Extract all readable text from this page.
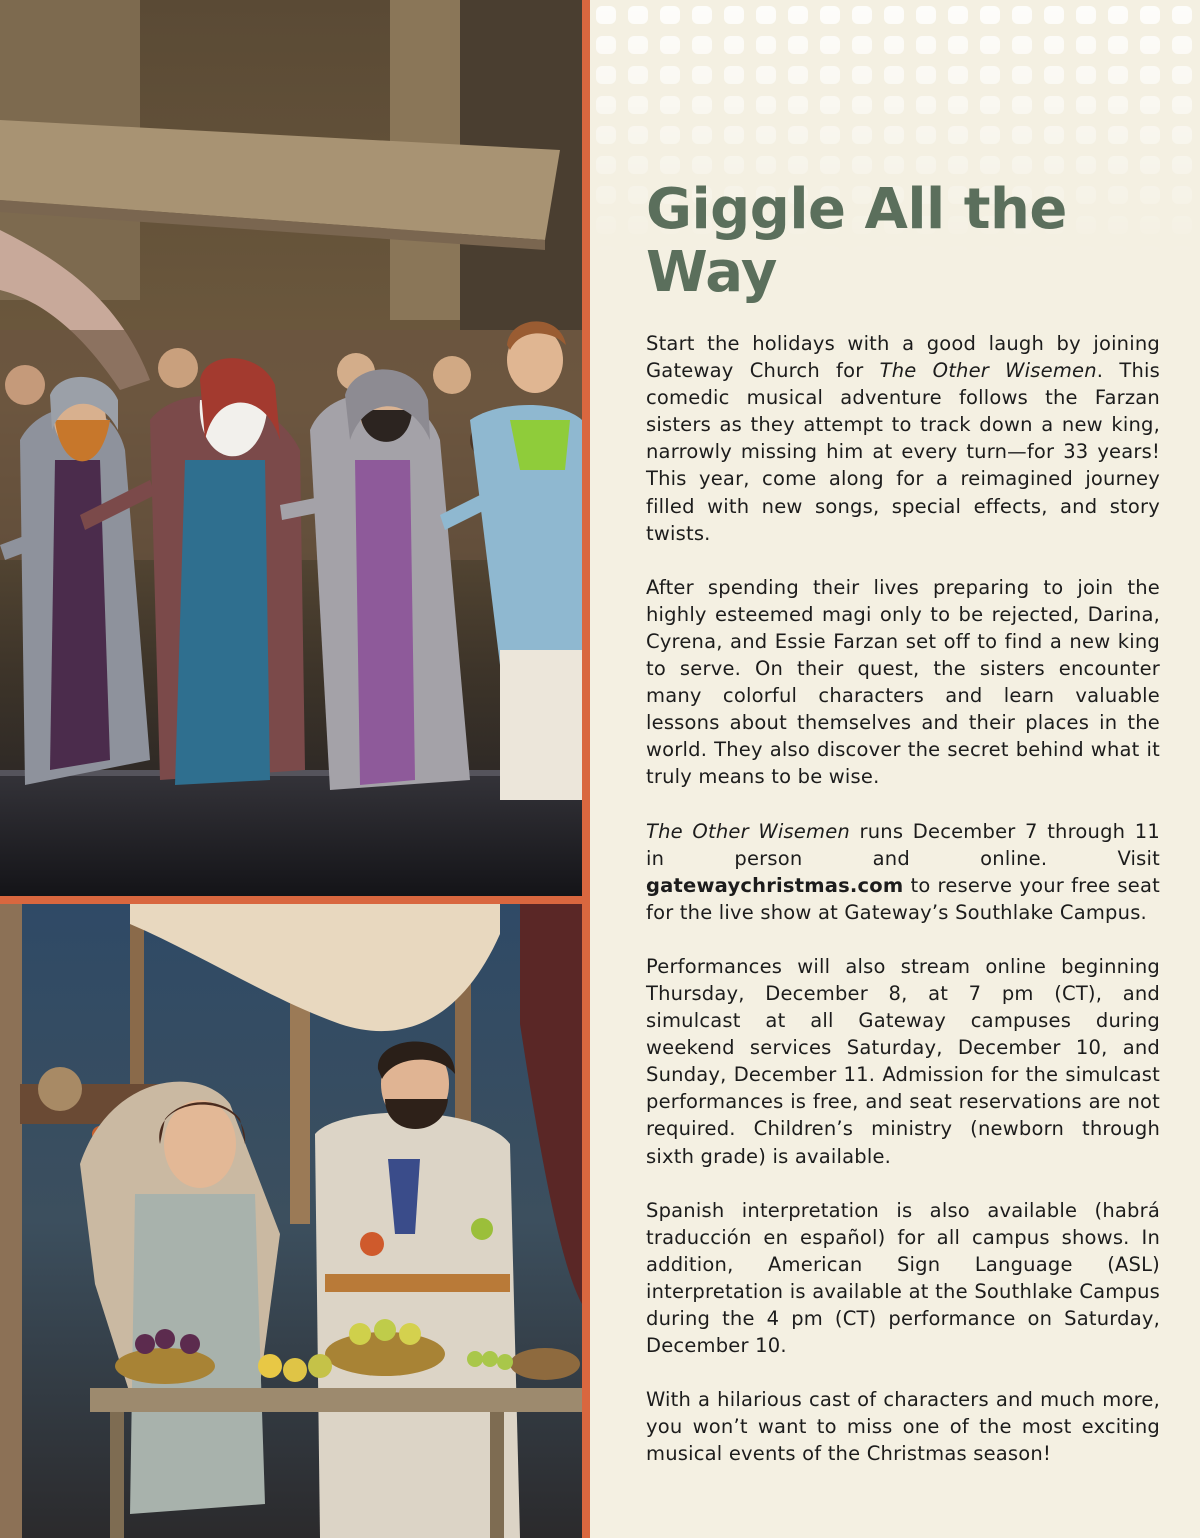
Giggle All the Way

Start the holidays with a good laugh by joining Gateway Church for The Other Wisemen. This comedic musical adventure follows the Farzan sisters as they attempt to track down a new king, narrowly missing him at every turn—for 33 years! This year, come along for a reimagined journey filled with new songs, special effects, and story twists.

After spending their lives preparing to join the highly esteemed magi only to be rejected, Darina, Cyrena, and Essie Farzan set off to find a new king to serve. On their quest, the sisters encounter many colorful characters and learn valuable lessons about themselves and their places in the world. They also discover the secret behind what it truly means to be wise.

The Other Wisemen runs December 7 through 11 in person and online. Visit gatewaychristmas.com to reserve your free seat for the live show at Gateway’s Southlake Campus.

Performances will also stream online beginning Thursday, December 8, at 7 pm (CT), and simulcast at all Gateway campuses during weekend services Saturday, December 10, and Sunday, December 11. Admission for the simulcast performances is free, and seat reservations are not required. Children’s ministry (newborn through sixth grade) is available.

Spanish interpretation is also available (habrá traducción en español) for all campus shows. In addition, American Sign Language (ASL) interpretation is available at the Southlake Campus during the 4 pm (CT) performance on Saturday, December 10.

With a hilarious cast of characters and much more, you won’t want to miss one of the most exciting musical events of the Christmas season!
